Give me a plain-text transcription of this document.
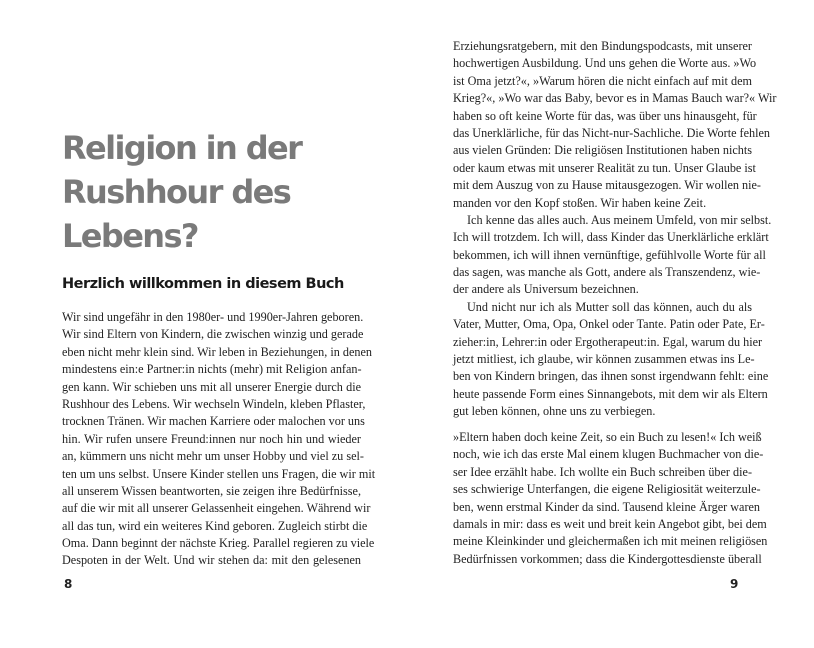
Religion in der
Rushhour des
Lebens?
Herzlich willkommen in diesem Buch
Wir sind ungefähr in den 1980er- und 1990er-Jahren geboren.
Wir sind Eltern von Kindern, die zwischen winzig und gerade
eben nicht mehr klein sind. Wir leben in Beziehungen, in denen
mindestens ein:e Partner:in nichts (mehr) mit Religion anfan-
gen kann. Wir schieben uns mit all unserer Energie durch die
Rushhour des Lebens. Wir wechseln Windeln, kleben Pflaster,
trocknen Tränen. Wir machen Karriere oder malochen vor uns
hin. Wir rufen unsere Freund:innen nur noch hin und wieder
an, kümmern uns nicht mehr um unser Hobby und viel zu sel-
ten um uns selbst. Unsere Kinder stellen uns Fragen, die wir mit
all unserem Wissen beantworten, sie zeigen ihre Bedürfnisse,
auf die wir mit all unserer Gelassenheit eingehen. Während wir
all das tun, wird ein weiteres Kind geboren. Zugleich stirbt die
Oma. Dann beginnt der nächste Krieg. Parallel regieren zu viele
Despoten in der Welt. Und wir stehen da: mit den gelesenen
8
Erziehungsratgebern, mit den Bindungspodcasts, mit unserer
hochwertigen Ausbildung. Und uns gehen die Worte aus. »Wo
ist Oma jetzt?«, »Warum hören die nicht einfach auf mit dem
Krieg?«, »Wo war das Baby, bevor es in Mamas Bauch war?« Wir
haben so oft keine Worte für das, was über uns hinausgeht, für
das Unerklärliche, für das Nicht-nur-Sachliche. Die Worte fehlen
aus vielen Gründen: Die religiösen Institutionen haben nichts
oder kaum etwas mit unserer Realität zu tun. Unser Glaube ist
mit dem Auszug von zu Hause mitausgezogen. Wir wollen nie-
manden vor den Kopf stoßen. Wir haben keine Zeit.
Ich kenne das alles auch. Aus meinem Umfeld, von mir selbst.
Ich will trotzdem. Ich will, dass Kinder das Unerklärliche erklärt
bekommen, ich will ihnen vernünftige, gefühlvolle Worte für all
das sagen, was manche als Gott, andere als Transzendenz, wie-
der andere als Universum bezeichnen.
Und nicht nur ich als Mutter soll das können, auch du als
Vater, Mutter, Oma, Opa, Onkel oder Tante. Patin oder Pate, Er-
zieher:in, Lehrer:in oder Ergotherapeut:in. Egal, warum du hier
jetzt mitliest, ich glaube, wir können zusammen etwas ins Le-
ben von Kindern bringen, das ihnen sonst irgendwann fehlt: eine
heute passende Form eines Sinnangebots, mit dem wir als Eltern
gut leben können, ohne uns zu verbiegen.
»Eltern haben doch keine Zeit, so ein Buch zu lesen!« Ich weiß
noch, wie ich das erste Mal einem klugen Buchmacher von die-
ser Idee erzählt habe. Ich wollte ein Buch schreiben über die-
ses schwierige Unterfangen, die eigene Religiosität weiterzule-
ben, wenn erstmal Kinder da sind. Tausend kleine Ärger waren
damals in mir: dass es weit und breit kein Angebot gibt, bei dem
meine Kleinkinder und gleichermaßen ich mit meinen religiösen
Bedürfnissen vorkommen; dass die Kindergottesdienste überall
9
